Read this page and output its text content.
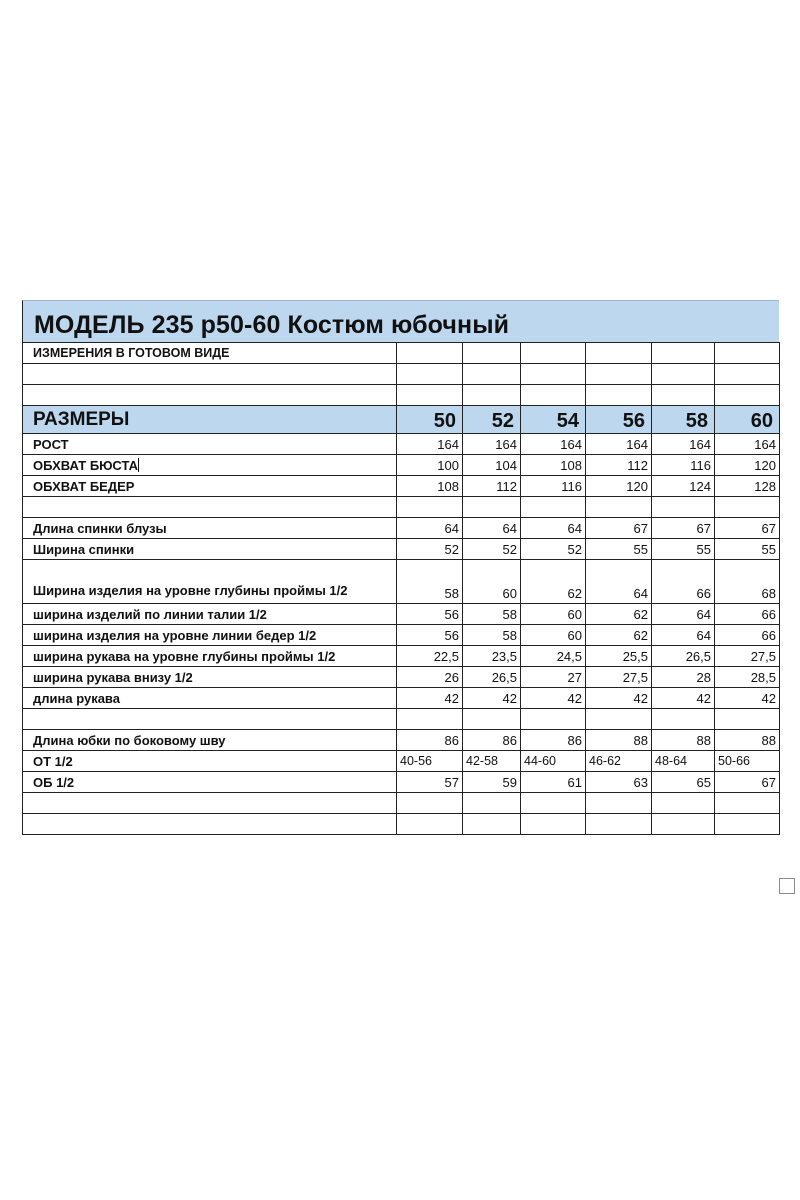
МОДЕЛЬ 235 р50-60 Костюм юбочный
ИЗМЕРЕНИЯ В ГОТОВОМ ВИДЕ						

РАЗМЕРЫ	50	52	54	56	58	60
РОСТ	164	164	164	164	164	164
ОБХВАТ БЮСТА	100	104	108	112	116	120
ОБХВАТ БЕДЕР	108	112	116	120	124	128

Длина спинки блузы	64	64	64	67	67	67
Ширина спинки	52	52	52	55	55	55
Ширина изделия на уровне глубины проймы 1/2	58	60	62	64	66	68
ширина изделий по линии талии 1/2	56	58	60	62	64	66
ширина изделия на уровне линии бедер 1/2	56	58	60	62	64	66
ширина рукава на уровне глубины проймы 1/2	22,5	23,5	24,5	25,5	26,5	27,5
ширина рукава внизу 1/2	26	26,5	27	27,5	28	28,5
длина рукава	42	42	42	42	42	42

Длина юбки по боковому шву	86	86	86	88	88	88
ОТ 1/2	40-56	42-58	44-60	46-62	48-64	50-66
ОБ 1/2	57	59	61	63	65	67
